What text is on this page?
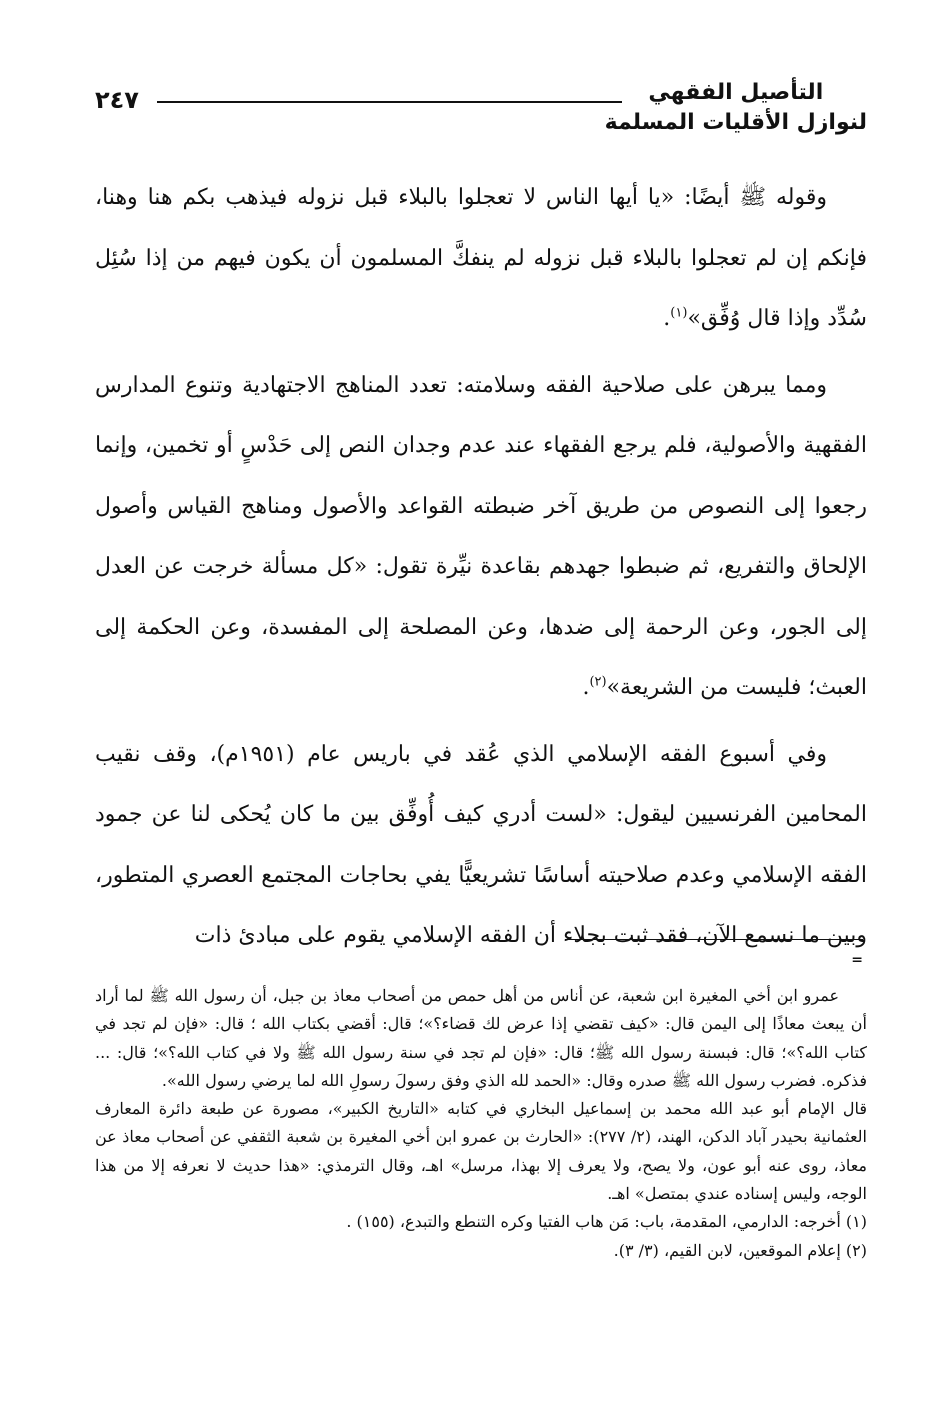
التأصيل الفقهي
لنوازل الأقليات المسلمة
٢٤٧

وقوله ﷺ أيضًا: «يا أيها الناس لا تعجلوا بالبلاء قبل نزوله فيذهب بكم هنا وهنا، فإنكم إن لم تعجلوا بالبلاء قبل نزوله لم ينفكَّ المسلمون أن يكون فيهم من إذا سُئِل سُدِّد وإذا قال وُفِّق»$^{(١)}$.

ومما يبرهن على صلاحية الفقه وسلامته: تعدد المناهج الاجتهادية وتنوع المدارس الفقهية والأصولية، فلم يرجع الفقهاء عند عدم وجدان النص إلى حَدْسٍ أو تخمين، وإنما رجعوا إلى النصوص من طريق آخر ضبطته القواعد والأصول ومناهج القياس وأصول الإلحاق والتفريع، ثم ضبطوا جهدهم بقاعدة نيِّرة تقول: «كل مسألة خرجت عن العدل إلى الجور، وعن الرحمة إلى ضدها، وعن المصلحة إلى المفسدة، وعن الحكمة إلى العبث؛ فليست من الشريعة»$^{(٢)}$.

وفي أسبوع الفقه الإسلامي الذي عُقد في باريس عام (١٩٥١م)، وقف نقيب المحامين الفرنسيين ليقول: «لست أدري كيف أُوفِّق بين ما كان يُحكى لنا عن جمود الفقه الإسلامي وعدم صلاحيته أساسًا تشريعيًّا يفي بحاجات المجتمع العصري المتطور، وبين ما نسمع الآن، فقد ثبت بجلاء أن الفقه الإسلامي يقوم على مبادئ ذات

=

عمرو ابن أخي المغيرة ابن شعبة، عن أناس من أهل حمص من أصحاب معاذ بن جبل، أن رسول الله ﷺ لما أراد أن يبعث معاذًا إلى اليمن قال: «كيف تقضي إذا عرض لك قضاء؟»؛ قال: أقضي بكتاب الله ؛ قال: «فإن لم تجد في كتاب الله؟»؛ قال: فبسنة رسول الله ﷺ؛ قال: «فإن لم تجد في سنة رسول الله ﷺ ولا في كتاب الله؟»؛ قال: ... فذكره. فضرب رسول الله ﷺ صدره وقال: «الحمد لله الذي وفق رسولَ رسولِ الله لما يرضي رسول الله».

قال الإمام أبو عبد الله محمد بن إسماعيل البخاري في كتابه «التاريخ الكبير»، مصورة عن طبعة دائرة المعارف العثمانية بحيدر آباد الدكن، الهند، (٢/ ٢٧٧): «الحارث بن عمرو ابن أخي المغيرة بن شعبة الثقفي عن أصحاب معاذ عن معاذ، روى عنه أبو عون، ولا يصح، ولا يعرف إلا بهذا، مرسل» اهـ، وقال الترمذي: «هذا حديث لا نعرفه إلا من هذا الوجه، وليس إسناده عندي بمتصل» اهـ.

(١) أخرجه: الدارمي، المقدمة، باب: مَن هاب الفتيا وكره التنطع والتبدع، (١٥٥) .

(٢) إعلام الموقعين، لابن القيم، (٣/ ٣).
